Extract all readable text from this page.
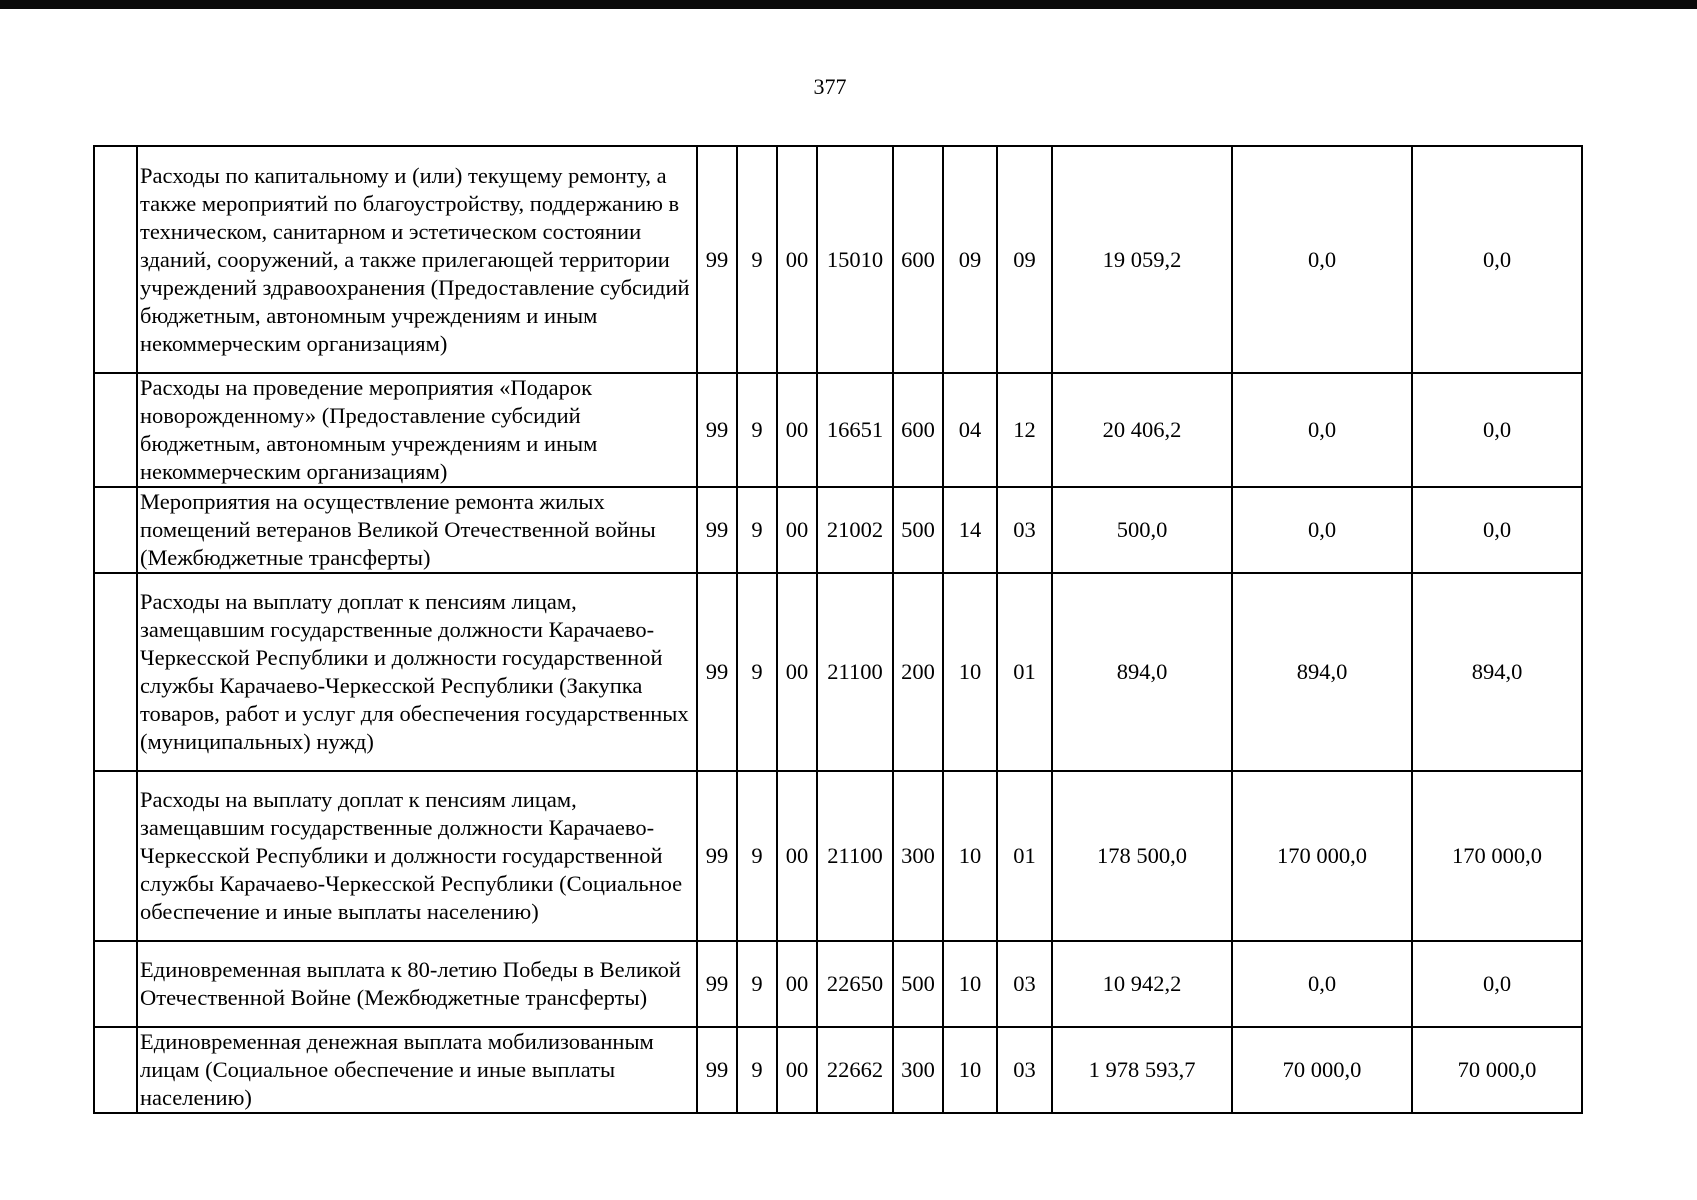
377
	Расходы по капитальному и (или) текущему ремонту, а также мероприятий по благоустройству, поддержанию в техническом, санитарном и эстетическом состоянии зданий, сооружений, а также прилегающей территории учреждений здравоохранения (Предоставление субсидий бюджетным, автономным учреждениям и иным некоммерческим организациям)	99	9	00	15010	600	09	09	19 059,2	0,0	0,0
	Расходы на проведение мероприятия «Подарок новорожденному» (Предоставление субсидий бюджетным, автономным учреждениям и иным некоммерческим организациям)	99	9	00	16651	600	04	12	20 406,2	0,0	0,0
	Мероприятия на осуществление ремонта жилых помещений ветеранов Великой Отечественной войны (Межбюджетные трансферты)	99	9	00	21002	500	14	03	500,0	0,0	0,0
	Расходы на выплату доплат к пенсиям лицам, замещавшим государственные должности Карачаево-Черкесской Республики и должности государственной службы Карачаево-Черкесской Республики (Закупка товаров, работ и услуг для обеспечения государственных (муниципальных) нужд)	99	9	00	21100	200	10	01	894,0	894,0	894,0
	Расходы на выплату доплат к пенсиям лицам, замещавшим государственные должности Карачаево-Черкесской Республики и должности государственной службы Карачаево-Черкесской Республики (Социальное обеспечение и иные выплаты населению)	99	9	00	21100	300	10	01	178 500,0	170 000,0	170 000,0
	Единовременная выплата к 80-летию Победы в Великой Отечественной Войне (Межбюджетные трансферты)	99	9	00	22650	500	10	03	10 942,2	0,0	0,0
	Единовременная денежная выплата мобилизованным лицам (Социальное обеспечение и иные выплаты населению)	99	9	00	22662	300	10	03	1 978 593,7	70 000,0	70 000,0
